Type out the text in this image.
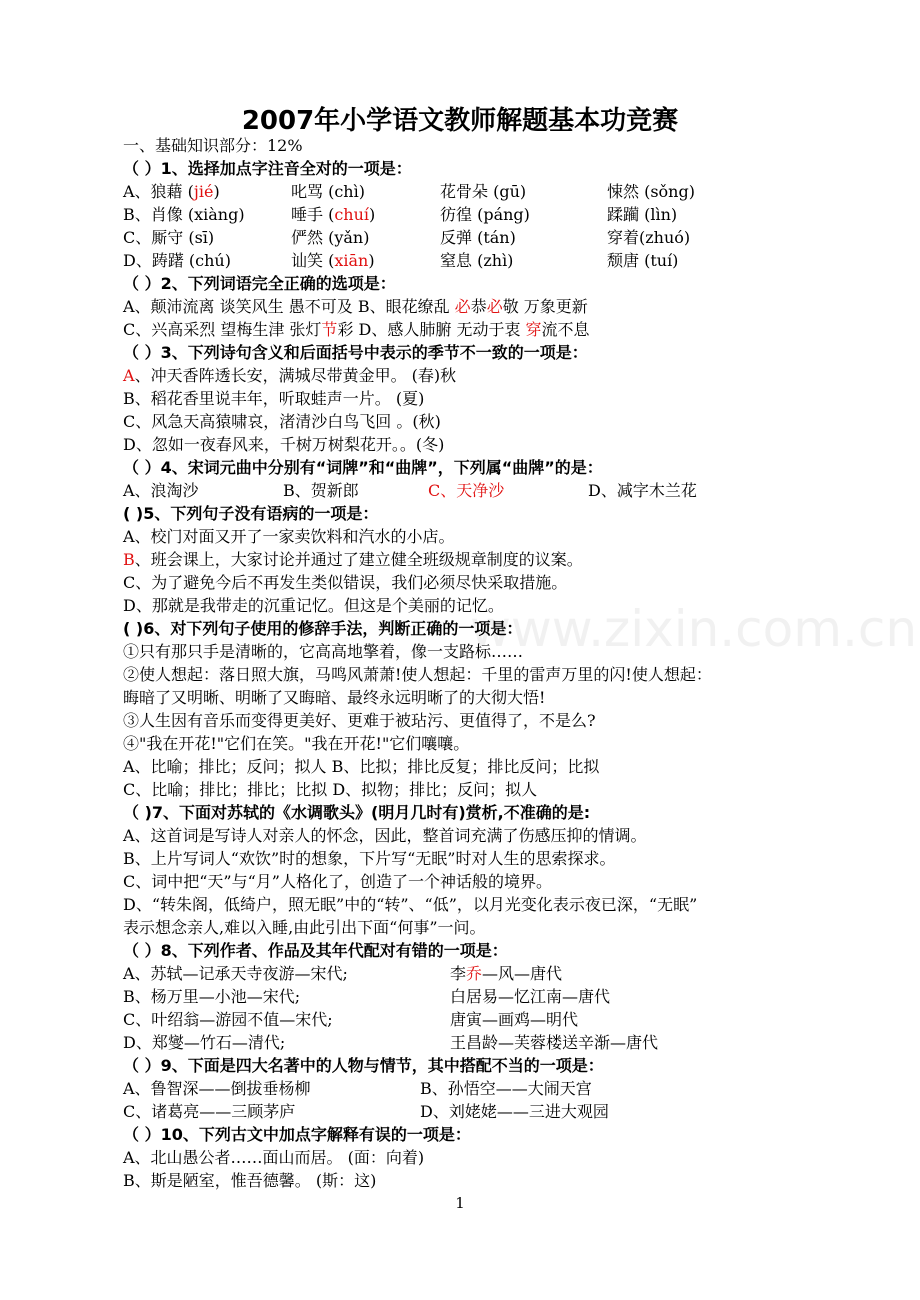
www.zixin.com.cn
2007年小学语文教师解题基本功竞赛
一、基础知识部分：12%
（ ）1、选择加点字注音全对的一项是：
A、狼藉 (jié)	叱骂 (chì)	花骨朵 (gū)	悚然 (sǒng)
B、肖像 (xiàng)	唾手 (chuí)	彷徨 (páng)	蹂躏 (lìn)
C、厮守 (sī)	俨然 (yǎn)	反弹 (tán)	穿着(zhuó)
D、踌躇 (chú)	讪笑 (xiān)	窒息 (zhì)	颓唐 (tuí)
（ ）2、下列词语完全正确的选项是：
A、颠沛流离 谈笑风生 愚不可及 B、眼花缭乱 必恭必敬 万象更新
C、兴高采烈 望梅生津 张灯节彩 D、感人肺腑 无动于衷 穿流不息
（ ）3、下列诗句含义和后面括号中表示的季节不一致的一项是：
A、冲天香阵透长安，满城尽带黄金甲。 (春)秋
B、稻花香里说丰年，听取蛙声一片。 (夏)
C、风急天高猿啸哀，渚清沙白鸟飞回 。(秋)
D、忽如一夜春风来，千树万树梨花开。。(冬)
（ ）4、宋词元曲中分别有“词牌”和“曲牌”，下列属“曲牌”的是：
A、浪淘沙	B、贺新郎	C、天净沙	D、减字木兰花
( )5、下列句子没有语病的一项是：
A、校门对面又开了一家卖饮料和汽水的小店。
B、班会课上，大家讨论并通过了建立健全班级规章制度的议案。
C、为了避免今后不再发生类似错误，我们必须尽快采取措施。
D、那就是我带走的沉重记忆。但这是个美丽的记忆。
( )6、对下列句子使用的修辞手法，判断正确的一项是：
①只有那只手是清晰的，它高高地擎着，像一支路标……
②使人想起：落日照大旗，马鸣风萧萧!使人想起：千里的雷声万里的闪!使人想起：
晦暗了又明晰、明晰了又晦暗、最终永远明晰了的大彻大悟!
③人生因有音乐而变得更美好、更难于被玷污、更值得了，不是么?
④"我在开花!"它们在笑。"我在开花!"它们嚷嚷。
A、比喻；排比；反问；拟人 B、比拟；排比反复；排比反问；比拟
C、比喻；排比；排比；比拟 D、拟物；排比；反问；拟人
（ )7、下面对苏轼的《水调歌头》(明月几时有)赏析,不准确的是:
A、这首词是写诗人对亲人的怀念，因此，整首词充满了伤感压抑的情调。
B、上片写词人“欢饮”时的想象，下片写“无眠”时对人生的思索探求。
C、词中把“天”与“月”人格化了，创造了一个神话般的境界。
D、“转朱阁，低绮户，照无眠”中的“转”、“低”，以月光变化表示夜已深，“无眠”
表示想念亲人,难以入睡,由此引出下面“何事”一问。
（ ）8、下列作者、作品及其年代配对有错的一项是：
A、苏轼—记承天寺夜游—宋代;	李乔—风—唐代
B、杨万里—小池—宋代;	白居易—忆江南—唐代
C、叶绍翁—游园不值—宋代;	唐寅—画鸡—明代
D、郑燮—竹石—清代;	王昌龄—芙蓉楼送辛渐—唐代
（ ）9、下面是四大名著中的人物与情节，其中搭配不当的一项是：
A、鲁智深——倒拔垂杨柳	B、孙悟空——大闹天宫
C、诸葛亮——三顾茅庐	D、刘姥姥——三进大观园
（ ）10、下列古文中加点字解释有误的一项是：
A、北山愚公者……面山而居。 (面：向着)
B、斯是陋室，惟吾德馨。 (斯：这)
1
